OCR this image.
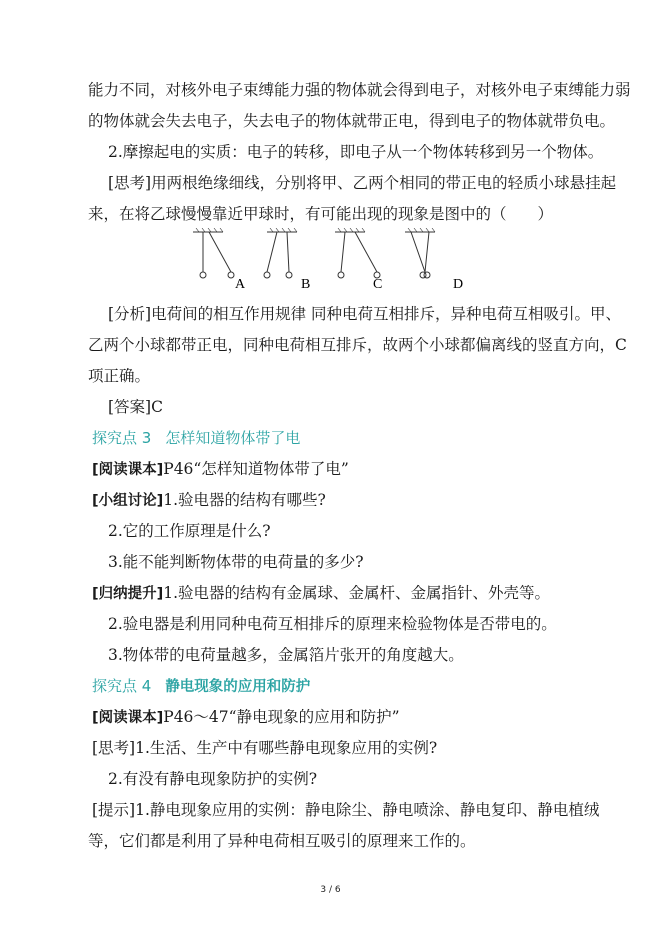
能力不同，对核外电子束缚能力强的物体就会得到电子，对核外电子束缚能力弱
的物体就会失去电子，失去电子的物体就带正电，得到电子的物体就带负电。
2.摩擦起电的实质：电子的转移，即电子从一个物体转移到另一个物体。
[思考]用两根绝缘细线，分别将甲、乙两个相同的带正电的轻质小球悬挂起
来，在将乙球慢慢靠近甲球时，有可能出现的现象是图中的（　　）
A	B	C	D
[分析]电荷间的相互作用规律 同种电荷互相排斥，异种电荷互相吸引。甲、
乙两个小球都带正电，同种电荷相互排斥，故两个小球都偏离线的竖直方向，C
项正确。
[答案]C
探究点 3 怎样知道物体带了电
[阅读课本]P46“怎样知道物体带了电”
[小组讨论]1.验电器的结构有哪些?
2.它的工作原理是什么?
3.能不能判断物体带的电荷量的多少?
[归纳提升]1.验电器的结构有金属球、金属杆、金属指针、外壳等。
2.验电器是利用同种电荷互相排斥的原理来检验物体是否带电的。
3.物体带的电荷量越多，金属箔片张开的角度越大。
探究点 4 静电现象的应用和防护
[阅读课本]P46～47“静电现象的应用和防护”
[思考]1.生活、生产中有哪些静电现象应用的实例?
2.有没有静电现象防护的实例?
[提示]1.静电现象应用的实例：静电除尘、静电喷涂、静电复印、静电植绒
等，它们都是利用了异种电荷相互吸引的原理来工作的。
3 / 6
